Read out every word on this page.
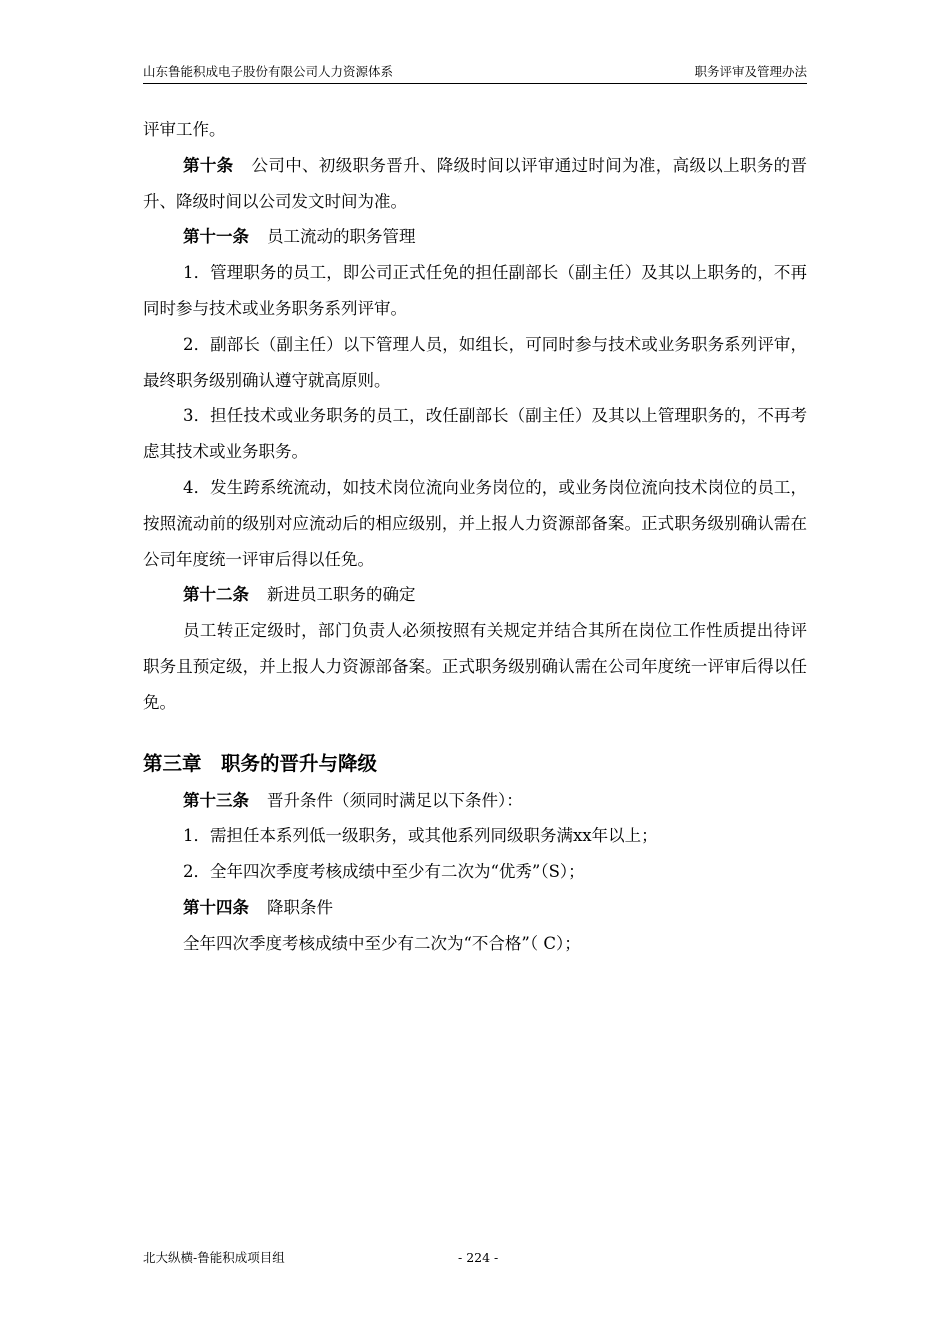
山东鲁能积成电子股份有限公司人力资源体系	职务评审及管理办法

评审工作。

第十条 公司中、初级职务晋升、降级时间以评审通过时间为准，高级以上职务的晋升、降级时间以公司发文时间为准。

第十一条 员工流动的职务管理

1．管理职务的员工，即公司正式任免的担任副部长（副主任）及其以上职务的，不再同时参与技术或业务职务系列评审。

2．副部长（副主任）以下管理人员，如组长，可同时参与技术或业务职务系列评审，最终职务级别确认遵守就高原则。

3．担任技术或业务职务的员工，改任副部长（副主任）及其以上管理职务的，不再考虑其技术或业务职务。

4．发生跨系统流动，如技术岗位流向业务岗位的，或业务岗位流向技术岗位的员工，按照流动前的级别对应流动后的相应级别，并上报人力资源部备案。正式职务级别确认需在公司年度统一评审后得以任免。

第十二条 新进员工职务的确定

员工转正定级时，部门负责人必须按照有关规定并结合其所在岗位工作性质提出待评职务且预定级，并上报人力资源部备案。正式职务级别确认需在公司年度统一评审后得以任免。

第三章　职务的晋升与降级

第十三条 晋升条件（须同时满足以下条件）：

1．需担任本系列低一级职务，或其他系列同级职务满xx年以上；

2．全年四次季度考核成绩中至少有二次为“优秀”（S）；

第十四条 降职条件

全年四次季度考核成绩中至少有二次为“不合格”（ C）；

北大纵横-鲁能积成项目组	- 224 -
